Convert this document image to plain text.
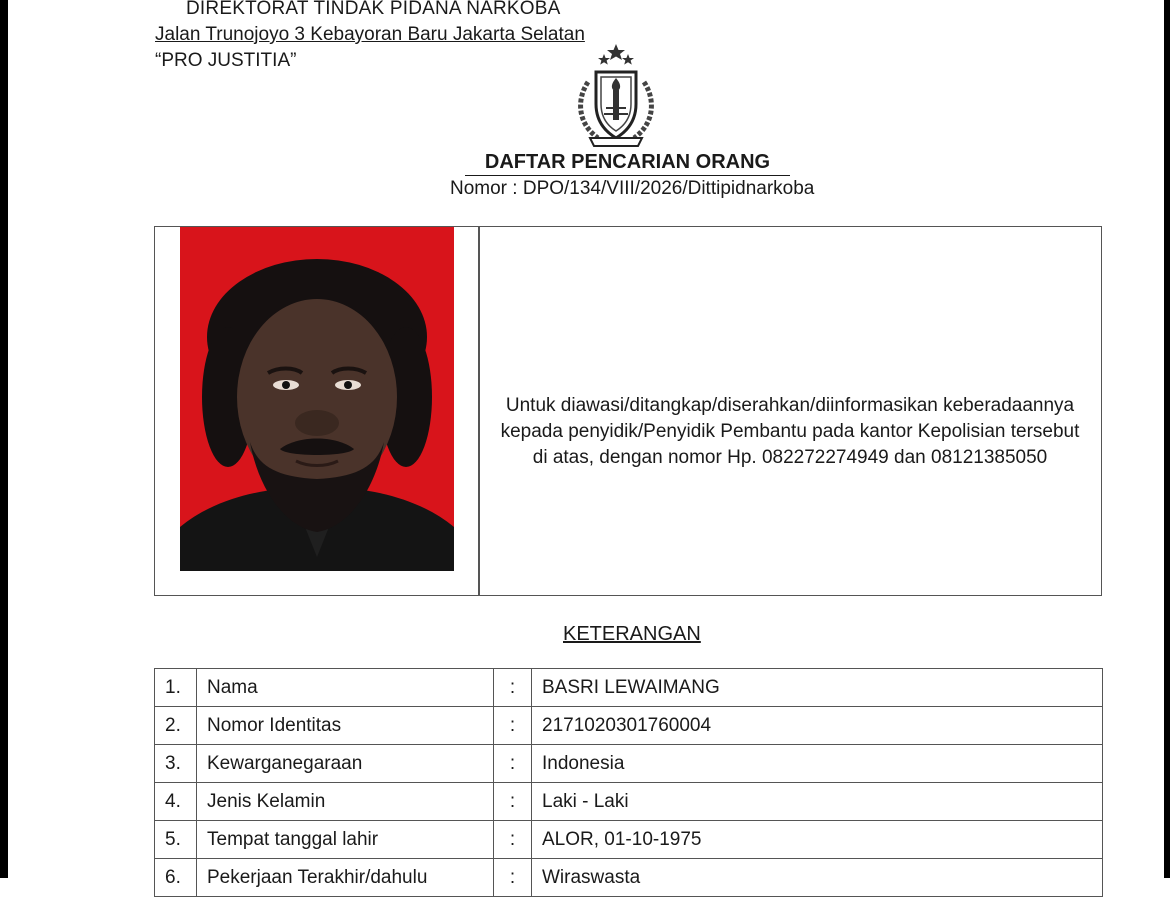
DIREKTORAT TINDAK PIDANA NARKOBA
Jalan Trunojoyo 3 Kebayoran Baru Jakarta Selatan
“PRO JUSTITIA”
DAFTAR PENCARIAN ORANG
Nomor : DPO/134/VIII/2026/Dittipidnarkoba
Untuk diawasi/ditangkap/diserahkan/diinformasikan keberadaannya kepada penyidik/Penyidik Pembantu pada kantor Kepolisian tersebut di atas, dengan nomor Hp. 082272274949 dan 08121385050
KETERANGAN
1.	Nama	:	BASRI LEWAIMANG
2.	Nomor Identitas	:	2171020301760004
3.	Kewarganegaraan	:	Indonesia
4.	Jenis Kelamin	:	Laki - Laki
5.	Tempat tanggal lahir	:	ALOR, 01-10-1975
6.	Pekerjaan Terakhir/dahulu	:	Wiraswasta
